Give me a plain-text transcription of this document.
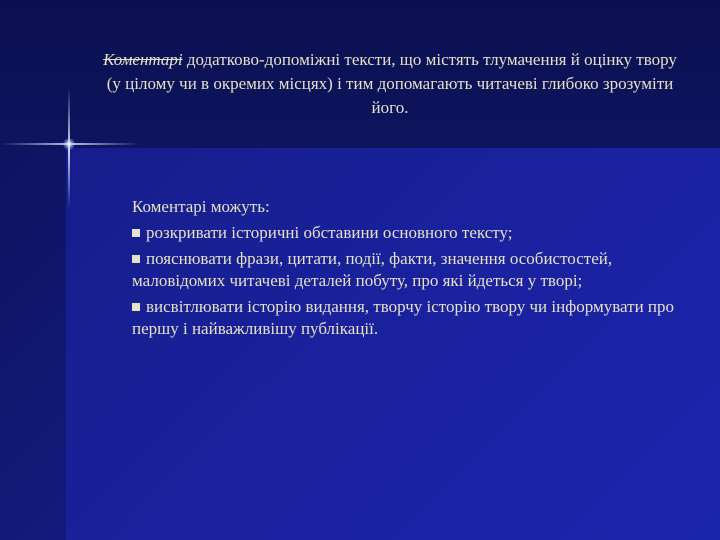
Коментарі додатково-допоміжні тексти, що містять тлумачення й оцінку твору (у цілому чи в окремих місцях) і тим допомагають читачеві глибоко зрозуміти його.

Коментарі можуть:

розкривати історичні обставини основного тексту;

пояснювати фрази, цитати, події, факти, значення особистостей, маловідомих читачеві деталей побуту, про які йдеться у творі;

висвітлювати історію видання, творчу історію твору чи інформувати про першу і найважливішу публікації.
